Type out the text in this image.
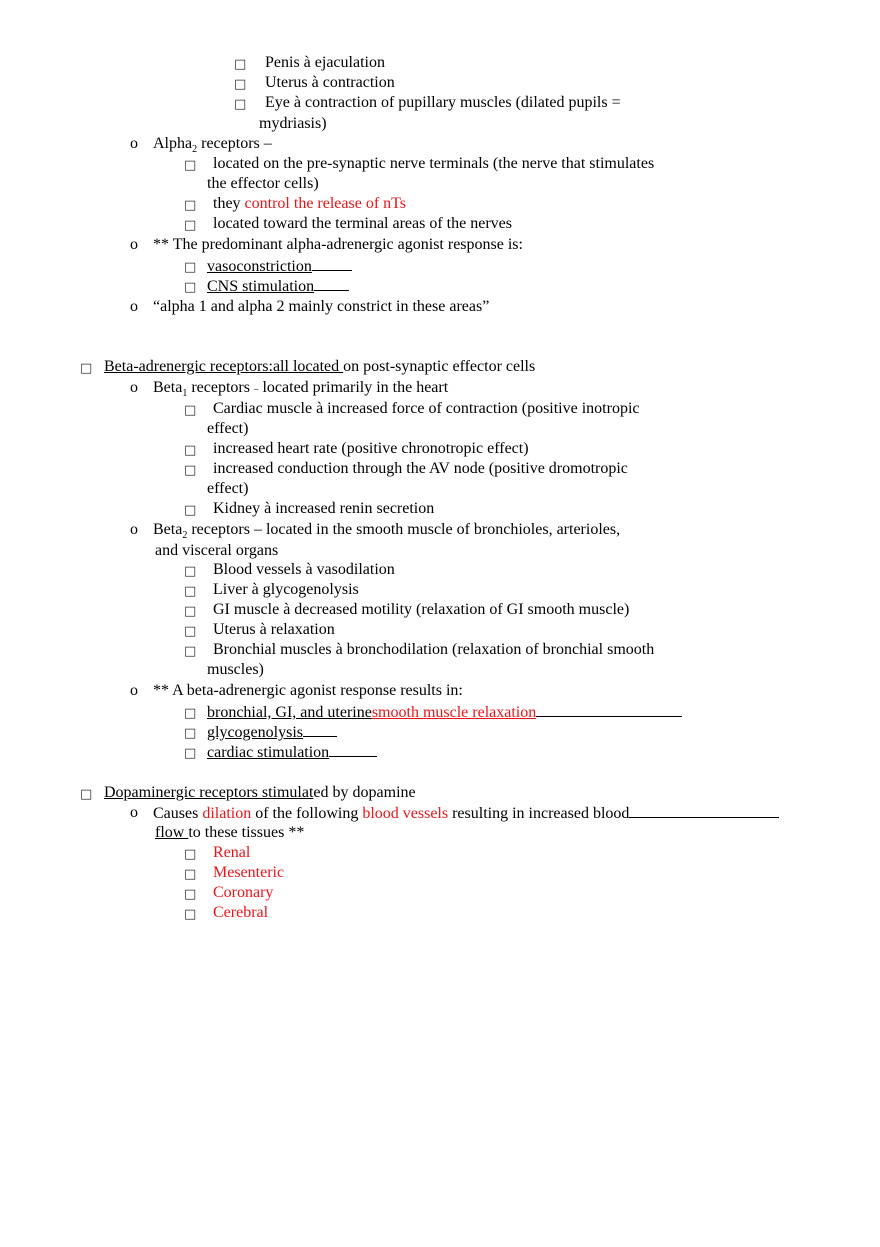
□ Penis à ejaculation
□ Uterus à contraction
□ Eye à contraction of pupillary muscles (dilated pupils =
mydriasis)
o Alpha$_2$ receptors –
□ located on the pre-synaptic nerve terminals (the nerve that stimulates
the effector cells)
□ they control the release of nTs
□ located toward the terminal areas of the nerves
o ** The predominant alpha-adrenergic agonist response is:
□ vasoconstriction
□ CNS stimulation
o “alpha 1 and alpha 2 mainly constrict in these areas”
□ Beta-adrenergic receptors:all located on post-synaptic effector cells
o Beta$_1$ receptors – located primarily in the heart
□ Cardiac muscle à increased force of contraction (positive inotropic
effect)
□ increased heart rate (positive chronotropic effect)
□ increased conduction through the AV node (positive dromotropic
effect)
□ Kidney à increased renin secretion
o Beta$_2$ receptors – located in the smooth muscle of bronchioles, arterioles,
and visceral organs
□ Blood vessels à vasodilation
□ Liver à glycogenolysis
□ GI muscle à decreased motility (relaxation of GI smooth muscle)
□ Uterus à relaxation
□ Bronchial muscles à bronchodilation (relaxation of bronchial smooth
muscles)
o ** A beta-adrenergic agonist response results in:
□ bronchial, GI, and uterinesmooth muscle relaxation
□ glycogenolysis
□ cardiac stimulation
□ Dopaminergic receptors stimulated by dopamine
o Causes dilation of the following blood vessels resulting in increased blood
flow to these tissues **
□ Renal
□ Mesenteric
□ Coronary
□ Cerebral
